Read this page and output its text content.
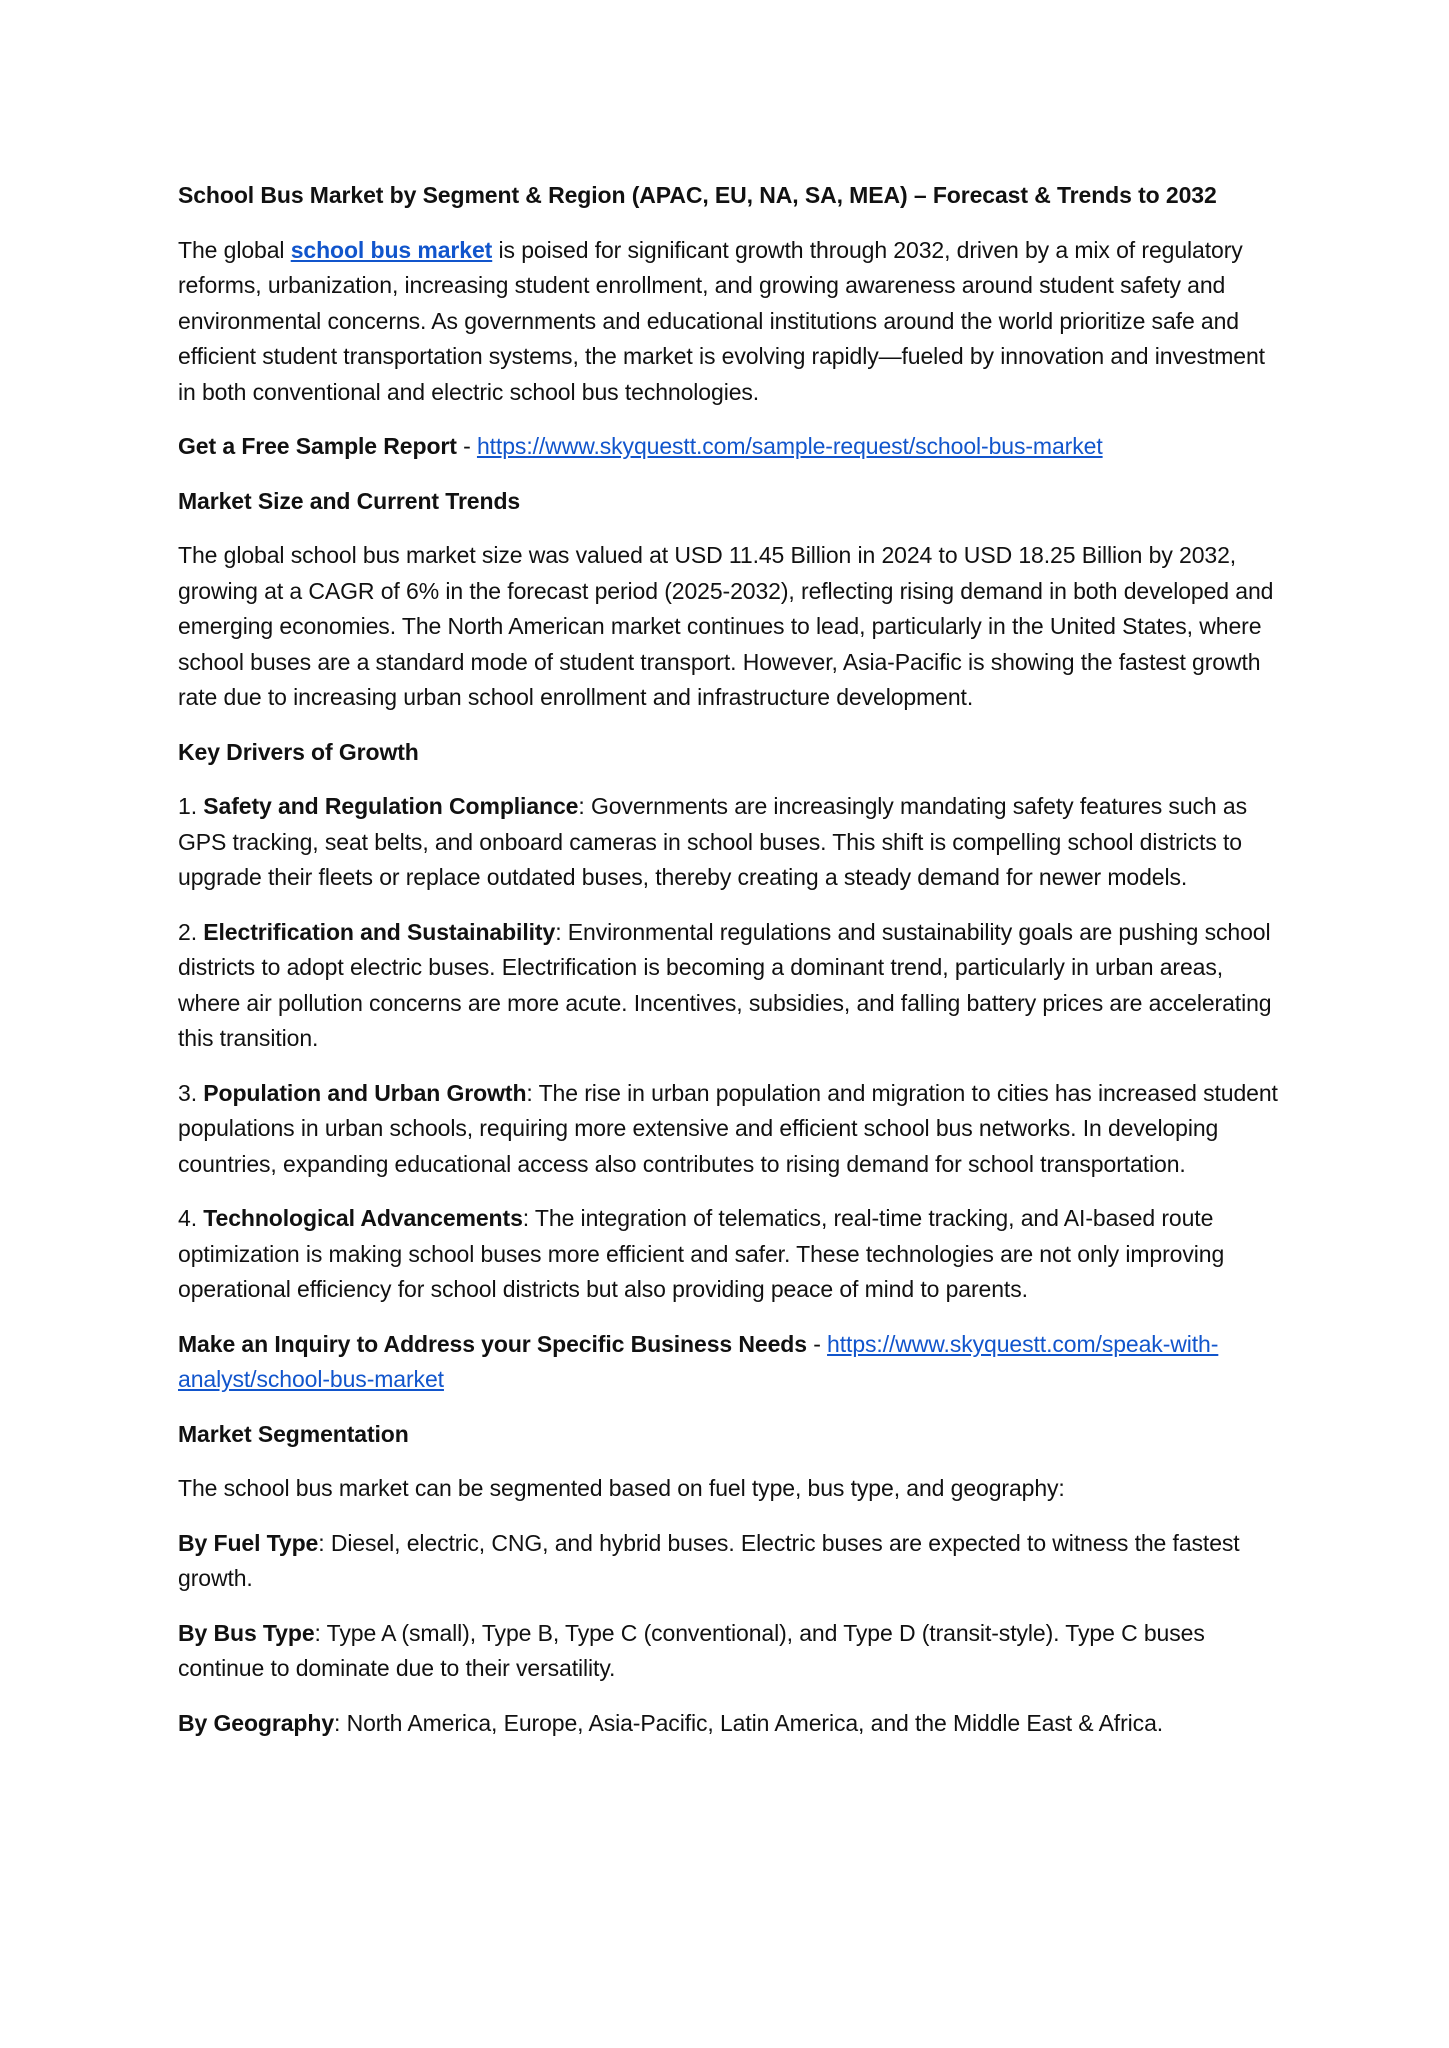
School Bus Market by Segment & Region (APAC, EU, NA, SA, MEA) – Forecast & Trends to 2032

The global school bus market is poised for significant growth through 2032, driven by a mix of regulatory reforms, urbanization, increasing student enrollment, and growing awareness around student safety and environmental concerns. As governments and educational institutions around the world prioritize safe and efficient student transportation systems, the market is evolving rapidly—fueled by innovation and investment in both conventional and electric school bus technologies.

Get a Free Sample Report - https://www.skyquestt.com/sample-request/school-bus-market

Market Size and Current Trends

The global school bus market size was valued at USD 11.45 Billion in 2024 to USD 18.25 Billion by 2032, growing at a CAGR of 6% in the forecast period (2025-2032), reflecting rising demand in both developed and emerging economies. The North American market continues to lead, particularly in the United States, where school buses are a standard mode of student transport. However, Asia-Pacific is showing the fastest growth rate due to increasing urban school enrollment and infrastructure development.

Key Drivers of Growth

1. Safety and Regulation Compliance: Governments are increasingly mandating safety features such as GPS tracking, seat belts, and onboard cameras in school buses. This shift is compelling school districts to upgrade their fleets or replace outdated buses, thereby creating a steady demand for newer models.

2. Electrification and Sustainability: Environmental regulations and sustainability goals are pushing school districts to adopt electric buses. Electrification is becoming a dominant trend, particularly in urban areas, where air pollution concerns are more acute. Incentives, subsidies, and falling battery prices are accelerating this transition.

3. Population and Urban Growth: The rise in urban population and migration to cities has increased student populations in urban schools, requiring more extensive and efficient school bus networks. In developing countries, expanding educational access also contributes to rising demand for school transportation.

4. Technological Advancements: The integration of telematics, real-time tracking, and AI-based route optimization is making school buses more efficient and safer. These technologies are not only improving operational efficiency for school districts but also providing peace of mind to parents.

Make an Inquiry to Address your Specific Business Needs - https://www.skyquestt.com/speak-with-analyst/school-bus-market

Market Segmentation

The school bus market can be segmented based on fuel type, bus type, and geography:

By Fuel Type: Diesel, electric, CNG, and hybrid buses. Electric buses are expected to witness the fastest growth.

By Bus Type: Type A (small), Type B, Type C (conventional), and Type D (transit-style). Type C buses continue to dominate due to their versatility.

By Geography: North America, Europe, Asia-Pacific, Latin America, and the Middle East & Africa.
